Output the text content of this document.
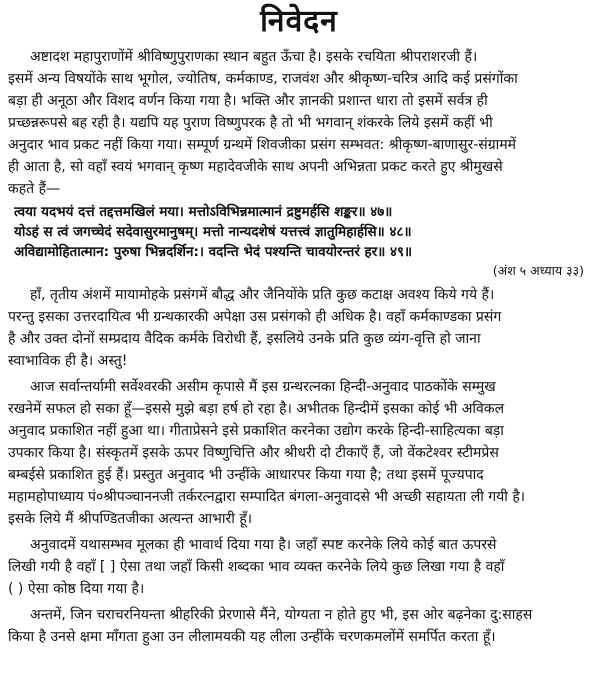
निवेदन
अष्टादश महापुराणोंमें श्रीविष्णुपुराणका स्थान बहुत ऊँचा है। इसके रचयिता श्रीपराशरजी हैं।
इसमें अन्य विषयोंके साथ भूगोल, ज्योतिष, कर्मकाण्ड, राजवंश और श्रीकृष्ण-चरित्र आदि कई प्रसंगोंका
बड़ा ही अनूठा और विशद वर्णन किया गया है। भक्ति और ज्ञानकी प्रशान्त धारा तो इसमें सर्वत्र ही
प्रच्छन्नरूपसे बह रही है। यद्यपि यह पुराण विष्णुपरक है तो भी भगवान् शंकरके लिये इसमें कहीं भी
अनुदार भाव प्रकट नहीं किया गया। सम्पूर्ण ग्रन्थमें शिवजीका प्रसंग सम्भवत: श्रीकृष्ण-बाणासुर-संग्राममें
ही आता है, सो वहाँ स्वयं भगवान् कृष्ण महादेवजीके साथ अपनी अभिन्नता प्रकट करते हुए श्रीमुखसे
कहते हैं—
त्वया यदभयं दत्तं तद्दत्तमखिलं मया। मत्तोऽविभिन्नमात्मानं द्रष्टुमर्हसि शङ्कर॥ ४७॥
योऽहं स त्वं जगच्चेदं सदेवासुरमानुषम्। मत्तो नान्यदशेषं यत्तत्त्वं ज्ञातुमिहार्हसि॥ ४८॥
अविद्यामोहितात्मान: पुरुषा भिन्नदर्शिन:। वदन्ति भेदं पश्यन्ति चावयोरन्तरं हर॥ ४९॥
(अंश ५ अध्याय ३३)
हाँ, तृतीय अंशमें मायामोहके प्रसंगमें बौद्ध और जैनियोंके प्रति कुछ कटाक्ष अवश्य किये गये हैं।
परन्तु इसका उत्तरदायित्व भी ग्रन्थकारकी अपेक्षा उस प्रसंगको ही अधिक है। वहाँ कर्मकाण्डका प्रसंग
है और उक्त दोनों सम्प्रदाय वैदिक कर्मके विरोधी हैं, इसलिये उनके प्रति कुछ व्यंग-वृत्ति हो जाना
स्वाभाविक ही है। अस्तु!
आज सर्वान्तर्यामी सर्वेश्वरकी असीम कृपासे मैं इस ग्रन्थरत्नका हिन्दी-अनुवाद पाठकोंके सम्मुख
रखनेमें सफल हो सका हूँ—इससे मुझे बड़ा हर्ष हो रहा है। अभीतक हिन्दीमें इसका कोई भी अविकल
अनुवाद प्रकाशित नहीं हुआ था। गीताप्रेसने इसे प्रकाशित करनेका उद्योग करके हिन्दी-साहित्यका बड़ा
उपकार किया है। संस्कृतमें इसके ऊपर विष्णुचित्ति और श्रीधरी दो टीकाएँ हैं, जो वेंकटेश्वर स्टीमप्रेस
बम्बईसे प्रकाशित हुई हैं। प्रस्तुत अनुवाद भी उन्हींके आधारपर किया गया है; तथा इसमें पूज्यपाद
महामहोपाध्याय पं०श्रीपञ्चाननजी तर्करत्नद्वारा सम्पादित बंगला-अनुवादसे भी अच्छी सहायता ली गयी है।
इसके लिये मैं श्रीपण्डितजीका अत्यन्त आभारी हूँ।
अनुवादमें यथासम्भव मूलका ही भावार्थ दिया गया है। जहाँ स्पष्ट करनेके लिये कोई बात ऊपरसे
लिखी गयी है वहाँ [ ] ऐसा तथा जहाँ किसी शब्दका भाव व्यक्त करनेके लिये कुछ लिखा गया है वहाँ
( ) ऐसा कोष्ठ दिया गया है।
अन्तमें, जिन चराचरनियन्ता श्रीहरिकी प्रेरणासे मैंने, योग्यता न होते हुए भी, इस ओर बढ़नेका दु:साहस
किया है उनसे क्षमा माँगता हुआ उन लीलामयकी यह लीला उन्हींके चरणकमलोंमें समर्पित करता हूँ।
